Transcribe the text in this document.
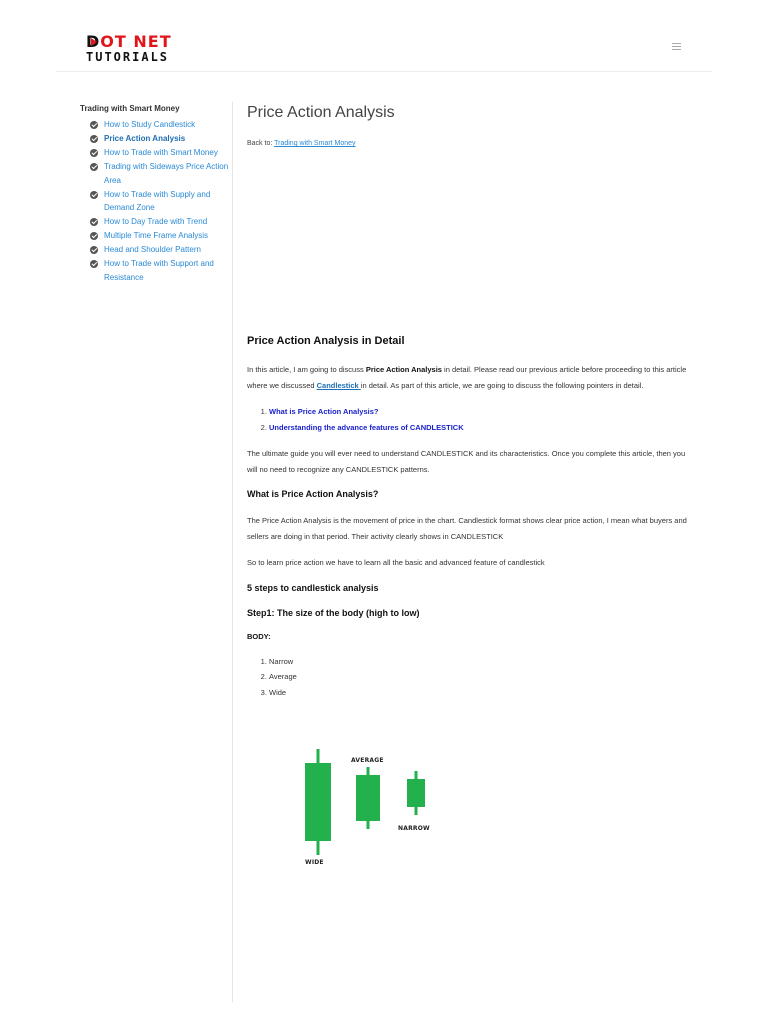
DOT NET
TUTORIALS
Trading with Smart Money
How to Study Candlestick
Price Action Analysis
How to Trade with Smart Money
Trading with Sideways Price Action Area
How to Trade with Supply and Demand Zone
How to Day Trade with Trend
Multiple Time Frame Analysis
Head and Shoulder Pattern
How to Trade with Support and Resistance
Price Action Analysis
Back to: Trading with Smart Money
Price Action Analysis in Detail

In this article, I am going to discuss Price Action Analysis in detail. Please read our previous article before proceeding to this article where we discussed Candlestick in detail. As part of this article, we are going to discuss the following pointers in detail.

1. What is Price Action Analysis?
2. Understanding the advance features of CANDLESTICK

The ultimate guide you will ever need to understand CANDLESTICK and its characteristics. Once you complete this article, then you will no need to recognize any CANDLESTICK patterns.

What is Price Action Analysis?

The Price Action Analysis is the movement of price in the chart. Candlestick format shows clear price action, I mean what buyers and sellers are doing in that period. Their activity clearly shows in CANDLESTICK

So to learn price action we have to learn all the basic and advanced feature of candlestick

5 steps to candlestick analysis
Step1: The size of the body (high to low)
BODY:
1. Narrow
2. Average
3. Wide
WIDE
AVERAGE
NARROW
